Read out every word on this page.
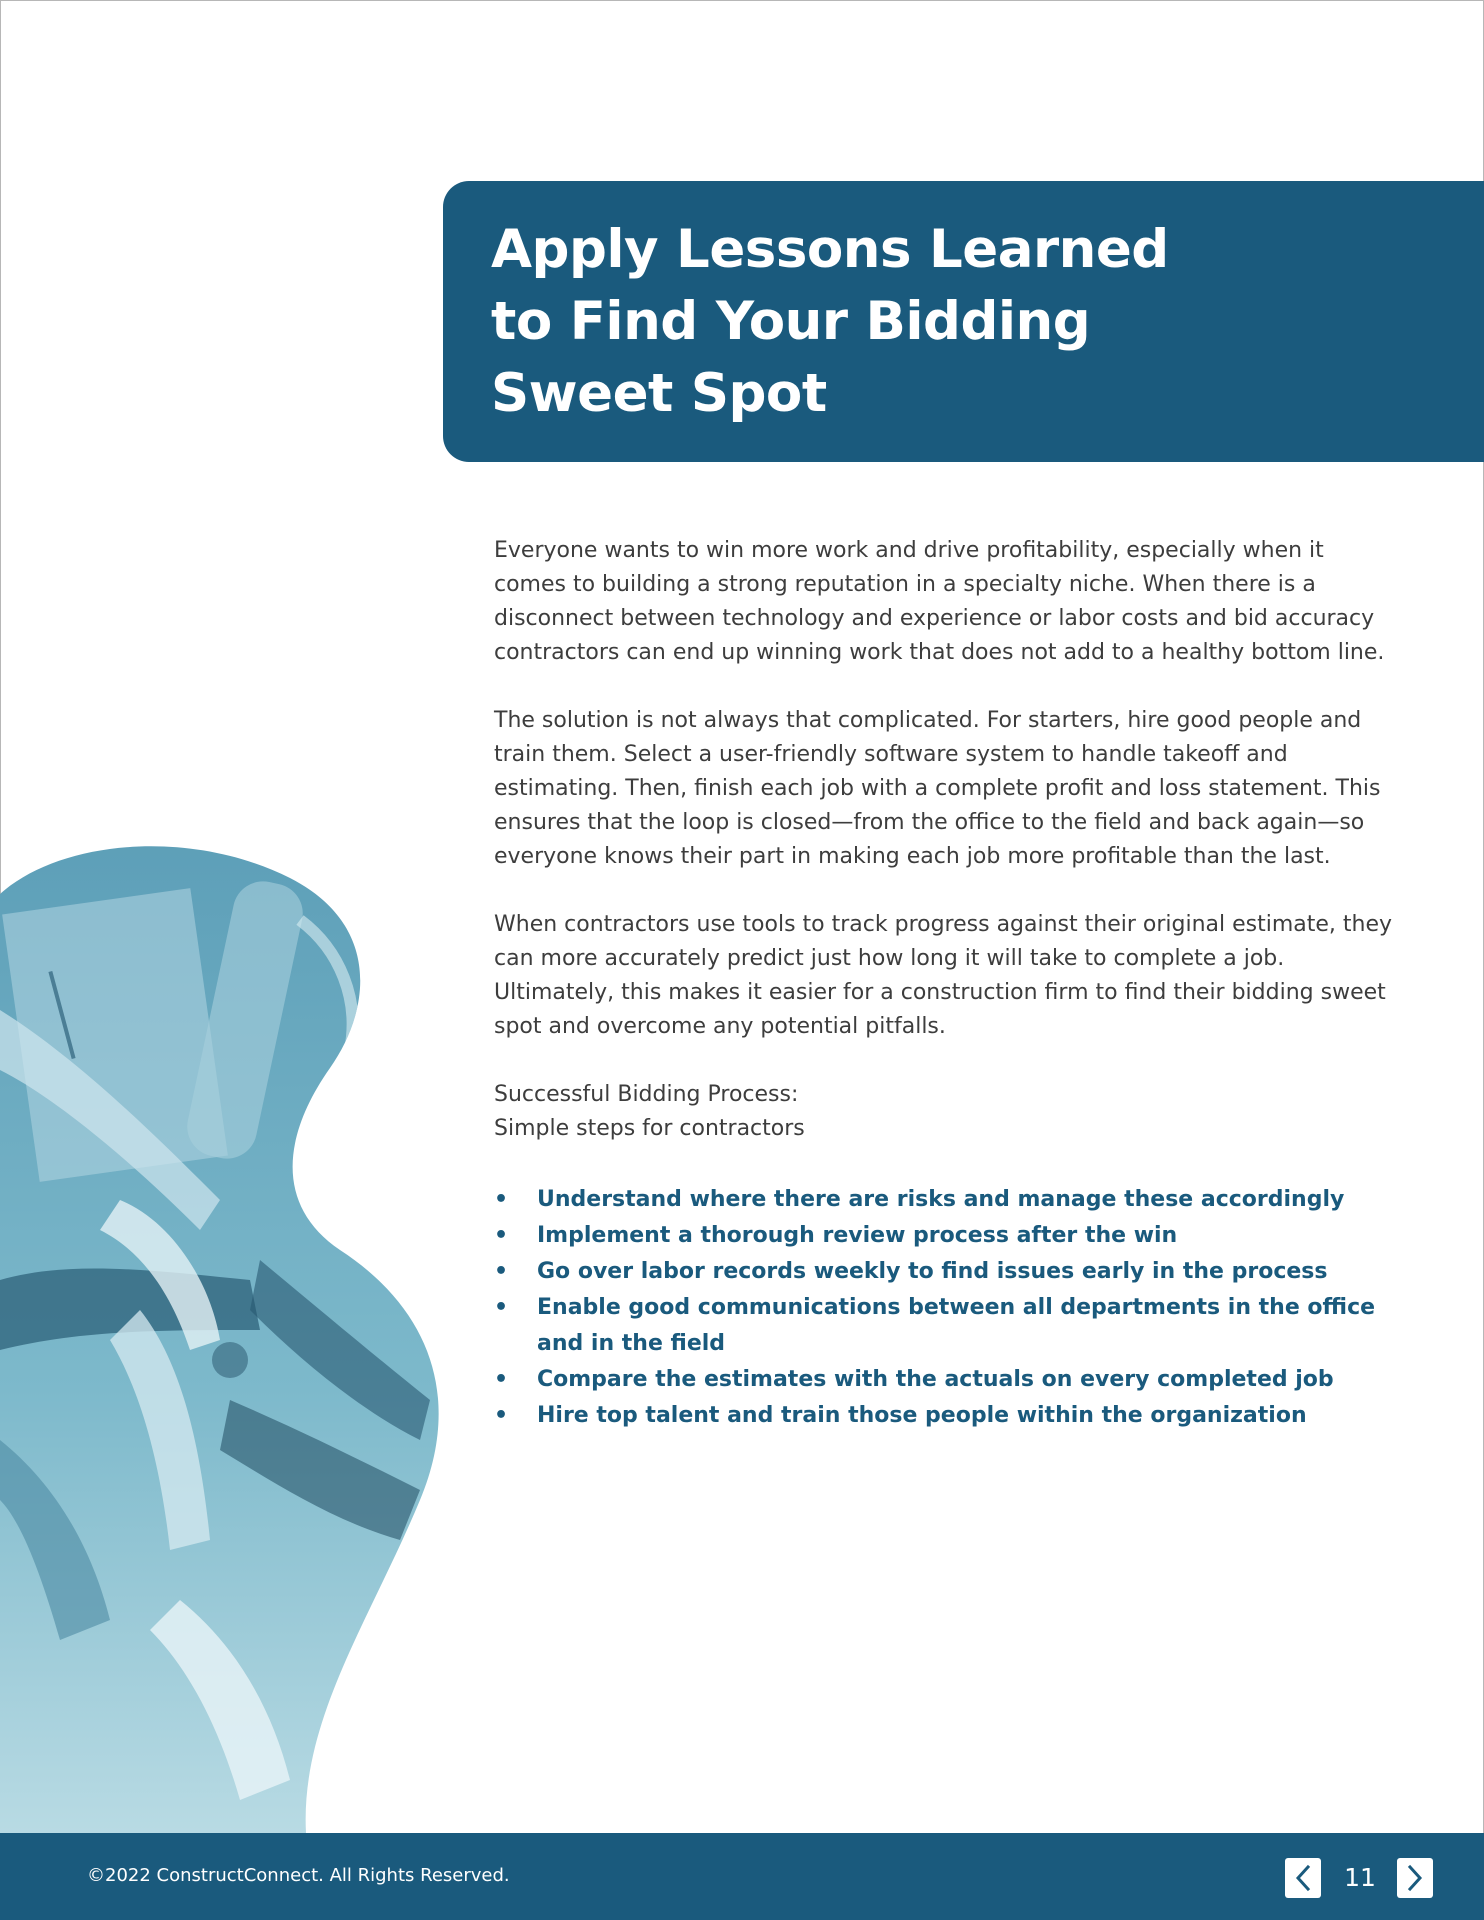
Apply Lessons Learned
to Find Your Bidding
Sweet Spot

Everyone wants to win more work and drive profitability, especially when it comes to building a strong reputation in a specialty niche. When there is a disconnect between technology and experience or labor costs and bid accuracy contractors can end up winning work that does not add to a healthy bottom line.

The solution is not always that complicated. For starters, hire good people and train them. Select a user-friendly software system to handle takeoff and estimating. Then, finish each job with a complete profit and loss statement. This ensures that the loop is closed—from the office to the field and back again—so everyone knows their part in making each job more profitable than the last.

When contractors use tools to track progress against their original estimate, they can more accurately predict just how long it will take to complete a job. Ultimately, this makes it easier for a construction firm to find their bidding sweet spot and overcome any potential pitfalls.

Successful Bidding Process:
Simple steps for contractors

• Understand where there are risks and manage these accordingly
• Implement a thorough review process after the win
• Go over labor records weekly to find issues early in the process
• Enable good communications between all departments in the office and in the field
• Compare the estimates with the actuals on every completed job
• Hire top talent and train those people within the organization
©2022 ConstructConnect. All Rights Reserved.	11
